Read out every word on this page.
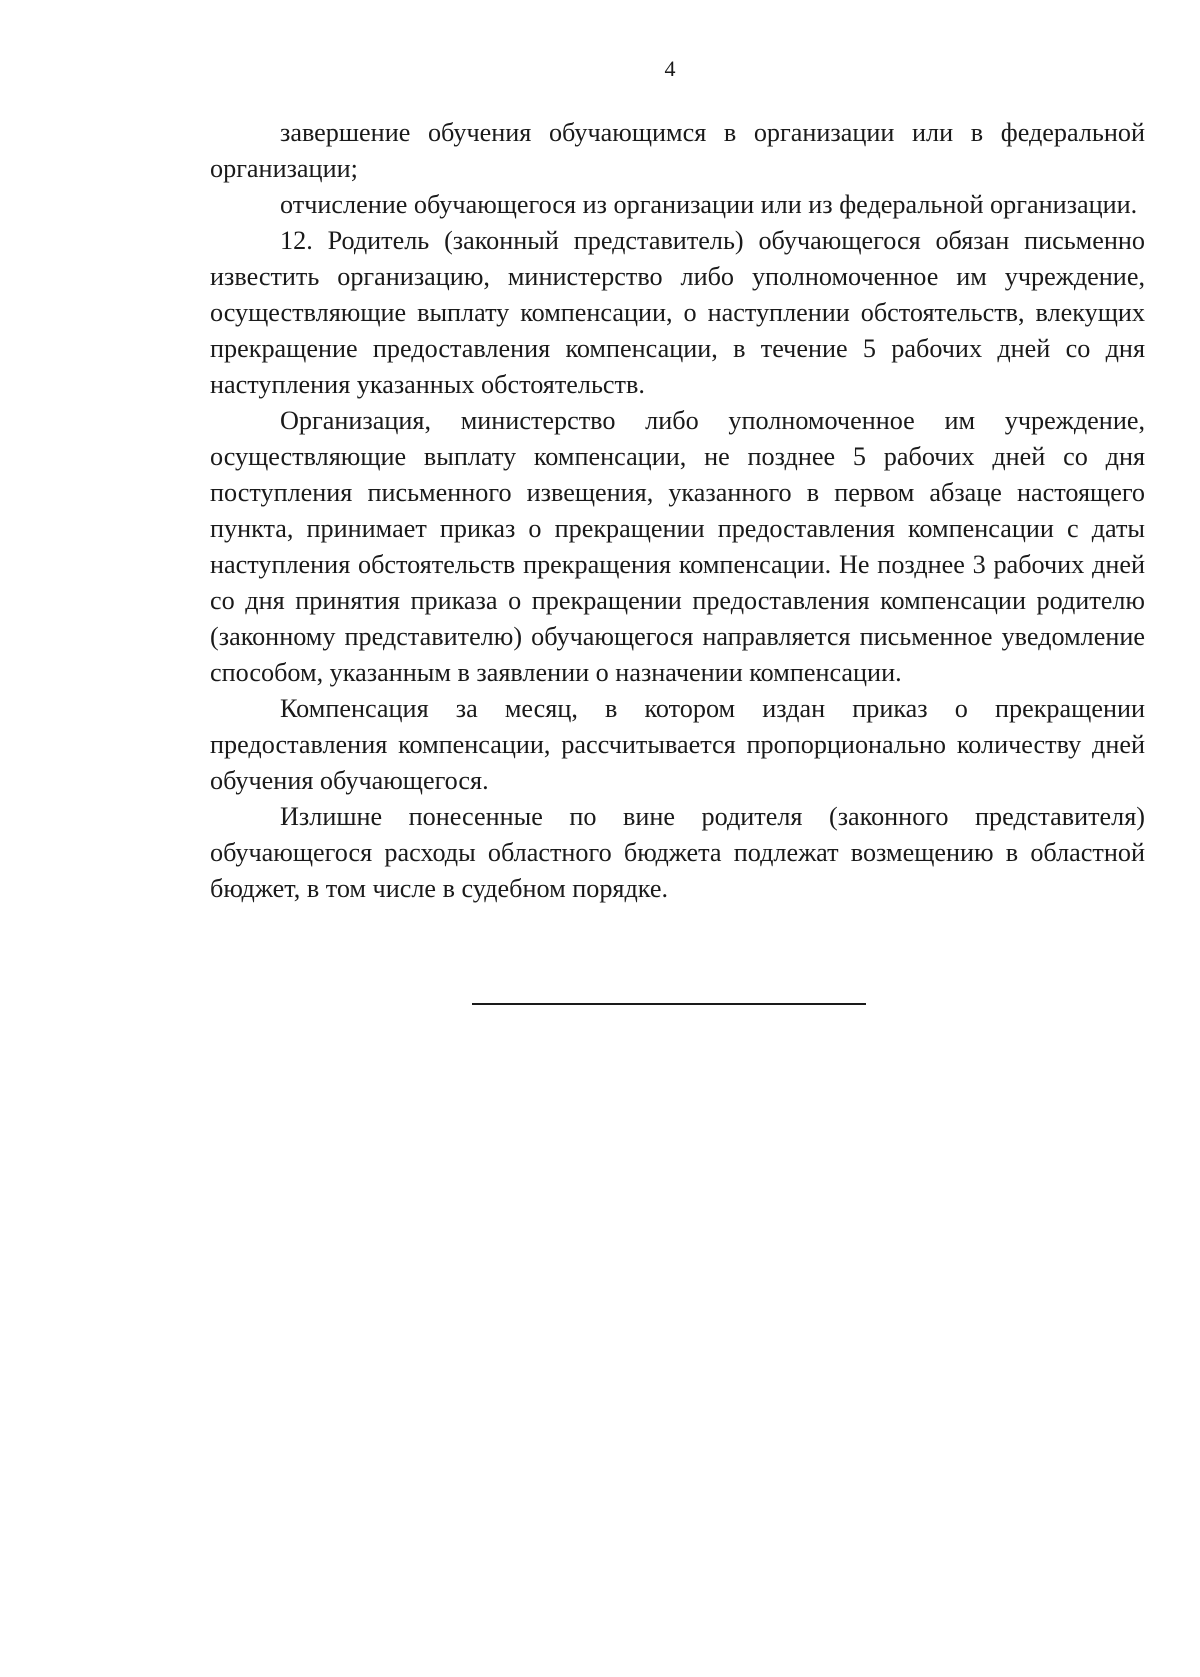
4

завершение обучения обучающимся в организации или в федеральной организации;

отчисление обучающегося из организации или из федеральной организации.

12. Родитель (законный представитель) обучающегося обязан письменно известить организацию, министерство либо уполномоченное им учреждение, осуществляющие выплату компенсации, о наступлении обстоятельств, влекущих прекращение предоставления компенсации, в течение 5 рабочих дней со дня наступления указанных обстоятельств.

Организация, министерство либо уполномоченное им учреждение, осуществляющие выплату компенсации, не позднее 5 рабочих дней со дня поступления письменного извещения, указанного в первом абзаце настоящего пункта, принимает приказ о прекращении предоставления компенсации с даты наступления обстоятельств прекращения компенсации. Не позднее 3 рабочих дней со дня принятия приказа о прекращении предоставления компенсации родителю (законному представителю) обучающегося направляется письменное уведомление способом, указанным в заявлении о назначении компенсации.

Компенсация за месяц, в котором издан приказ о прекращении предоставления компенсации, рассчитывается пропорционально количеству дней обучения обучающегося.

Излишне понесенные по вине родителя (законного представителя) обучающегося расходы областного бюджета подлежат возмещению в областной бюджет, в том числе в судебном порядке.
